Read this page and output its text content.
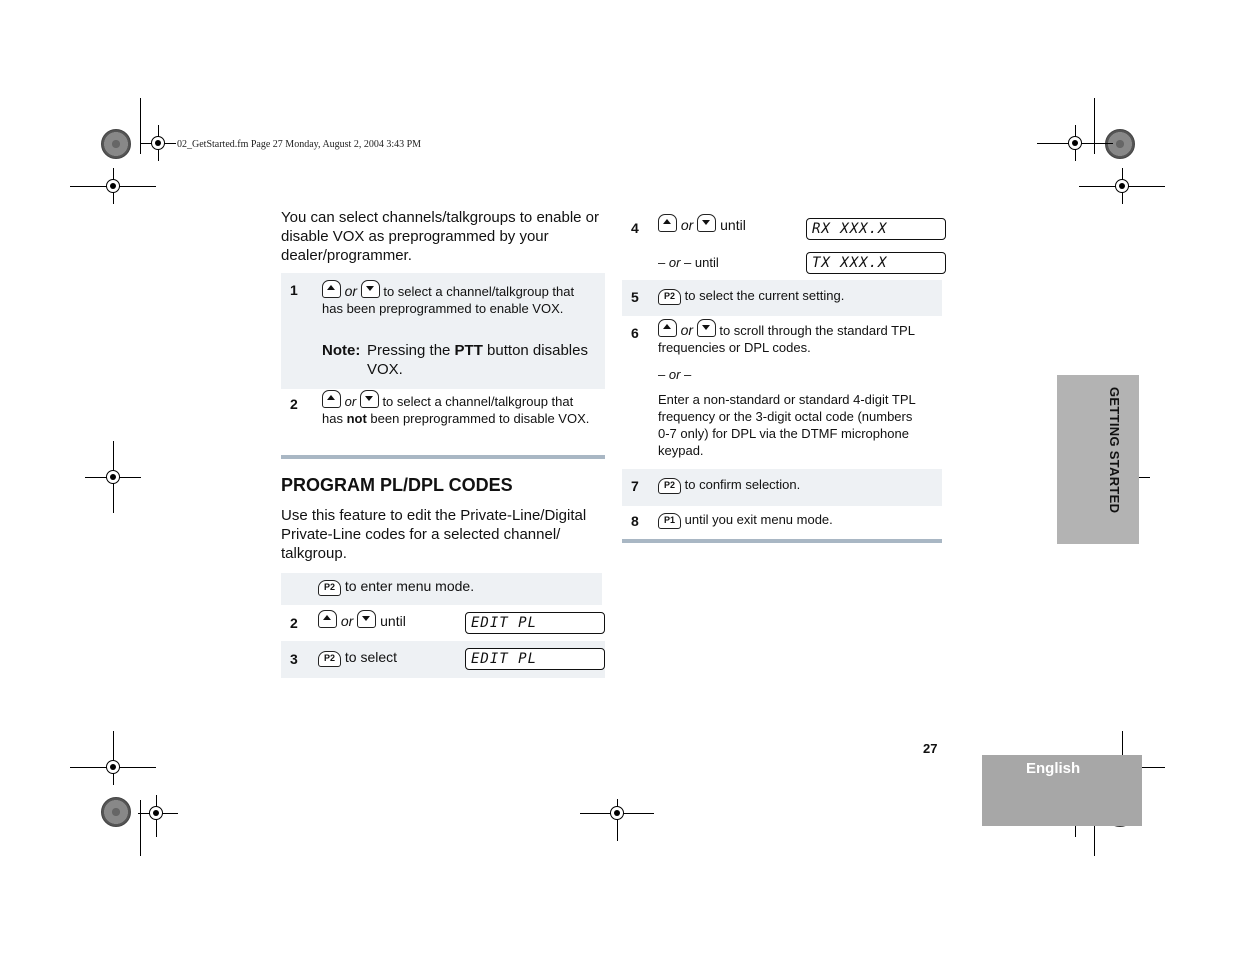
02_GetStarted.fm Page 27 Monday, August 2, 2004 3:43 PM
You can select channels/talkgroups to enable or disable VOX as preprogrammed by your dealer/programmer.
1	or to select a channel/talkgroup that has been preprogrammed to enable VOX.
Note: Pressing the PTT button disables VOX.
2	or to select a channel/talkgroup that has not been preprogrammed to disable VOX.
PROGRAM PL/DPL CODES
Use this feature to edit the Private-Line/Digital Private-Line codes for a selected channel/ talkgroup.
P2 to enter menu mode.
2	or until	EDIT PL
3	P2 to select	EDIT PL
4	or until	RX XXX.X
– or – until	TX XXX.X
5	P2 to select the current setting.
6	or to scroll through the standard TPL frequencies or DPL codes.
– or –
Enter a non-standard or standard 4-digit TPL frequency or the 3-digit octal code (numbers 0-7 only) for DPL via the DTMF microphone keypad.
7	P2 to confirm selection.
8	P1 until you exit menu mode.
GETTING STARTED
27
English
